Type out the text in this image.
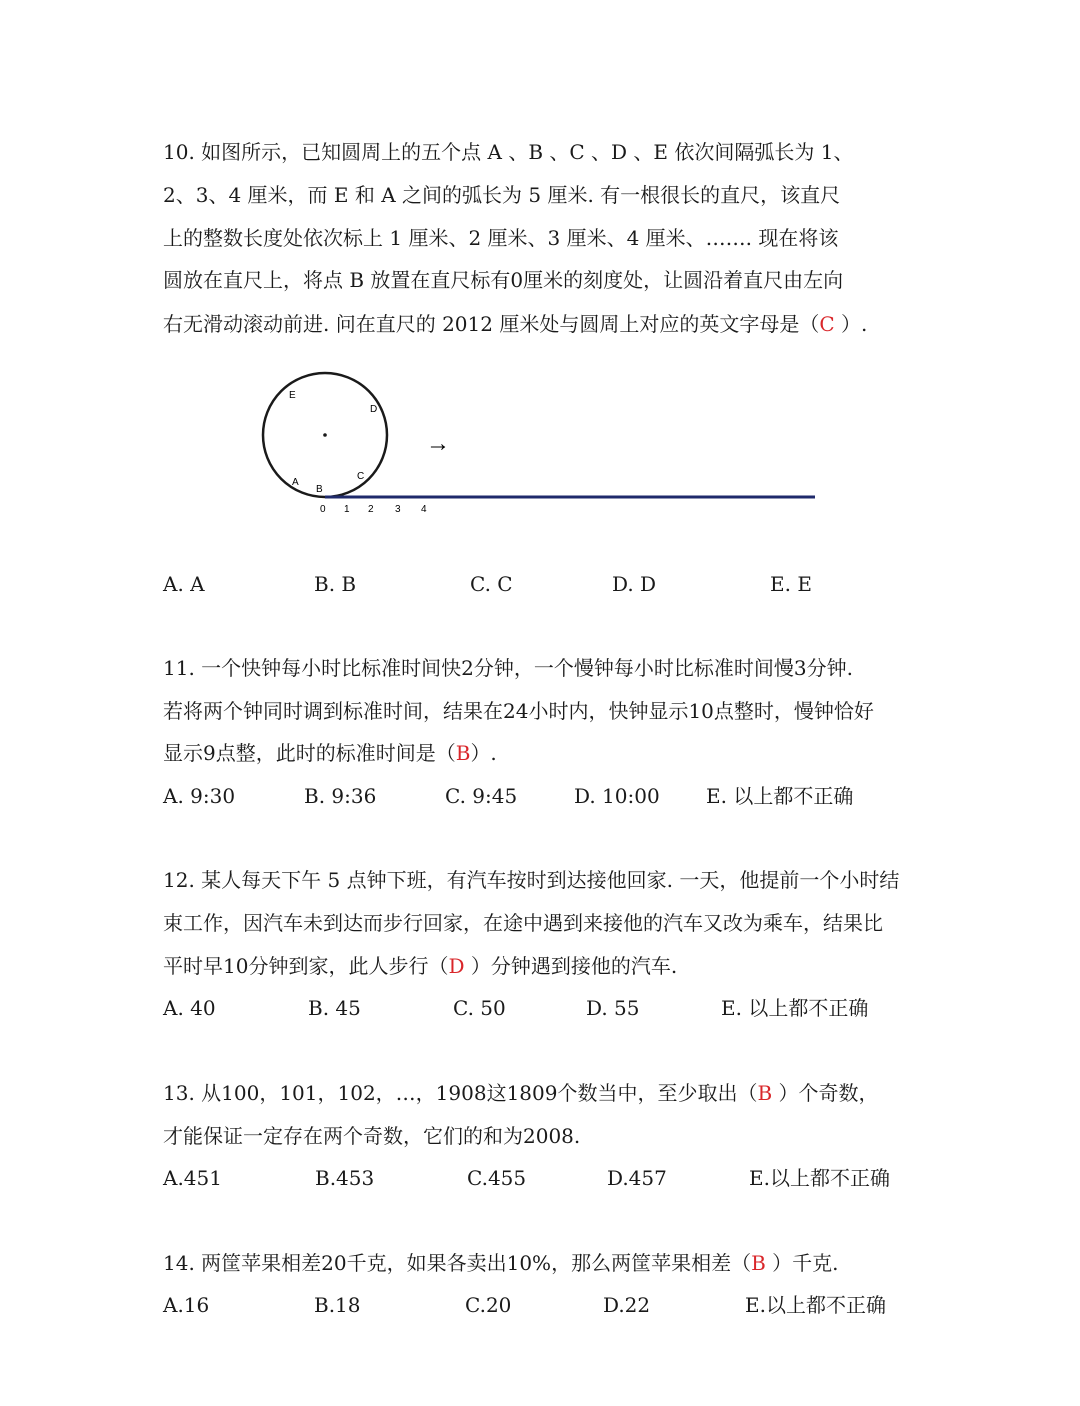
10. 如图所示，已知圆周上的五个点 A 、B 、C 、D 、E 依次间隔弧长为 1、
2、3、4 厘米，而 E 和 A 之间的弧长为 5 厘米. 有一根很长的直尺，该直尺
上的整数长度处依次标上 1 厘米、2 厘米、3 厘米、4 厘米、……. 现在将该
圆放在直尺上，将点 B 放置在直尺标有0厘米的刻度处，让圆沿着直尺由左向
右无滑动滚动前进. 问在直尺的 2012 厘米处与圆周上对应的英文字母是（C ）.
E
D
C
A
B
0 1 2 3 4
→
A. A	B. B	C. C	D. D	E. E
11. 一个快钟每小时比标准时间快2分钟，一个慢钟每小时比标准时间慢3分钟.
若将两个钟同时调到标准时间，结果在24小时内，快钟显示10点整时，慢钟恰好
显示9点整，此时的标准时间是（B）.
A. 9:30	B. 9:36	C. 9:45	D. 10:00 E. 以上都不正确
12. 某人每天下午 5 点钟下班，有汽车按时到达接他回家. 一天，他提前一个小时结
束工作，因汽车未到达而步行回家，在途中遇到来接他的汽车又改为乘车，结果比
平时早10分钟到家，此人步行（D ）分钟遇到接他的汽车.
A. 40	B. 45	C. 50	D. 55	E. 以上都不正确
13. 从100，101，102，…，1908这1809个数当中，至少取出（B ）个奇数，
才能保证一定存在两个奇数，它们的和为2008.
A.451	B.453	C.455	D.457	E.以上都不正确
14. 两筐苹果相差20千克，如果各卖出10%，那么两筐苹果相差（B ）千克.
A.16	B.18	C.20	D.22	E.以上都不正确
